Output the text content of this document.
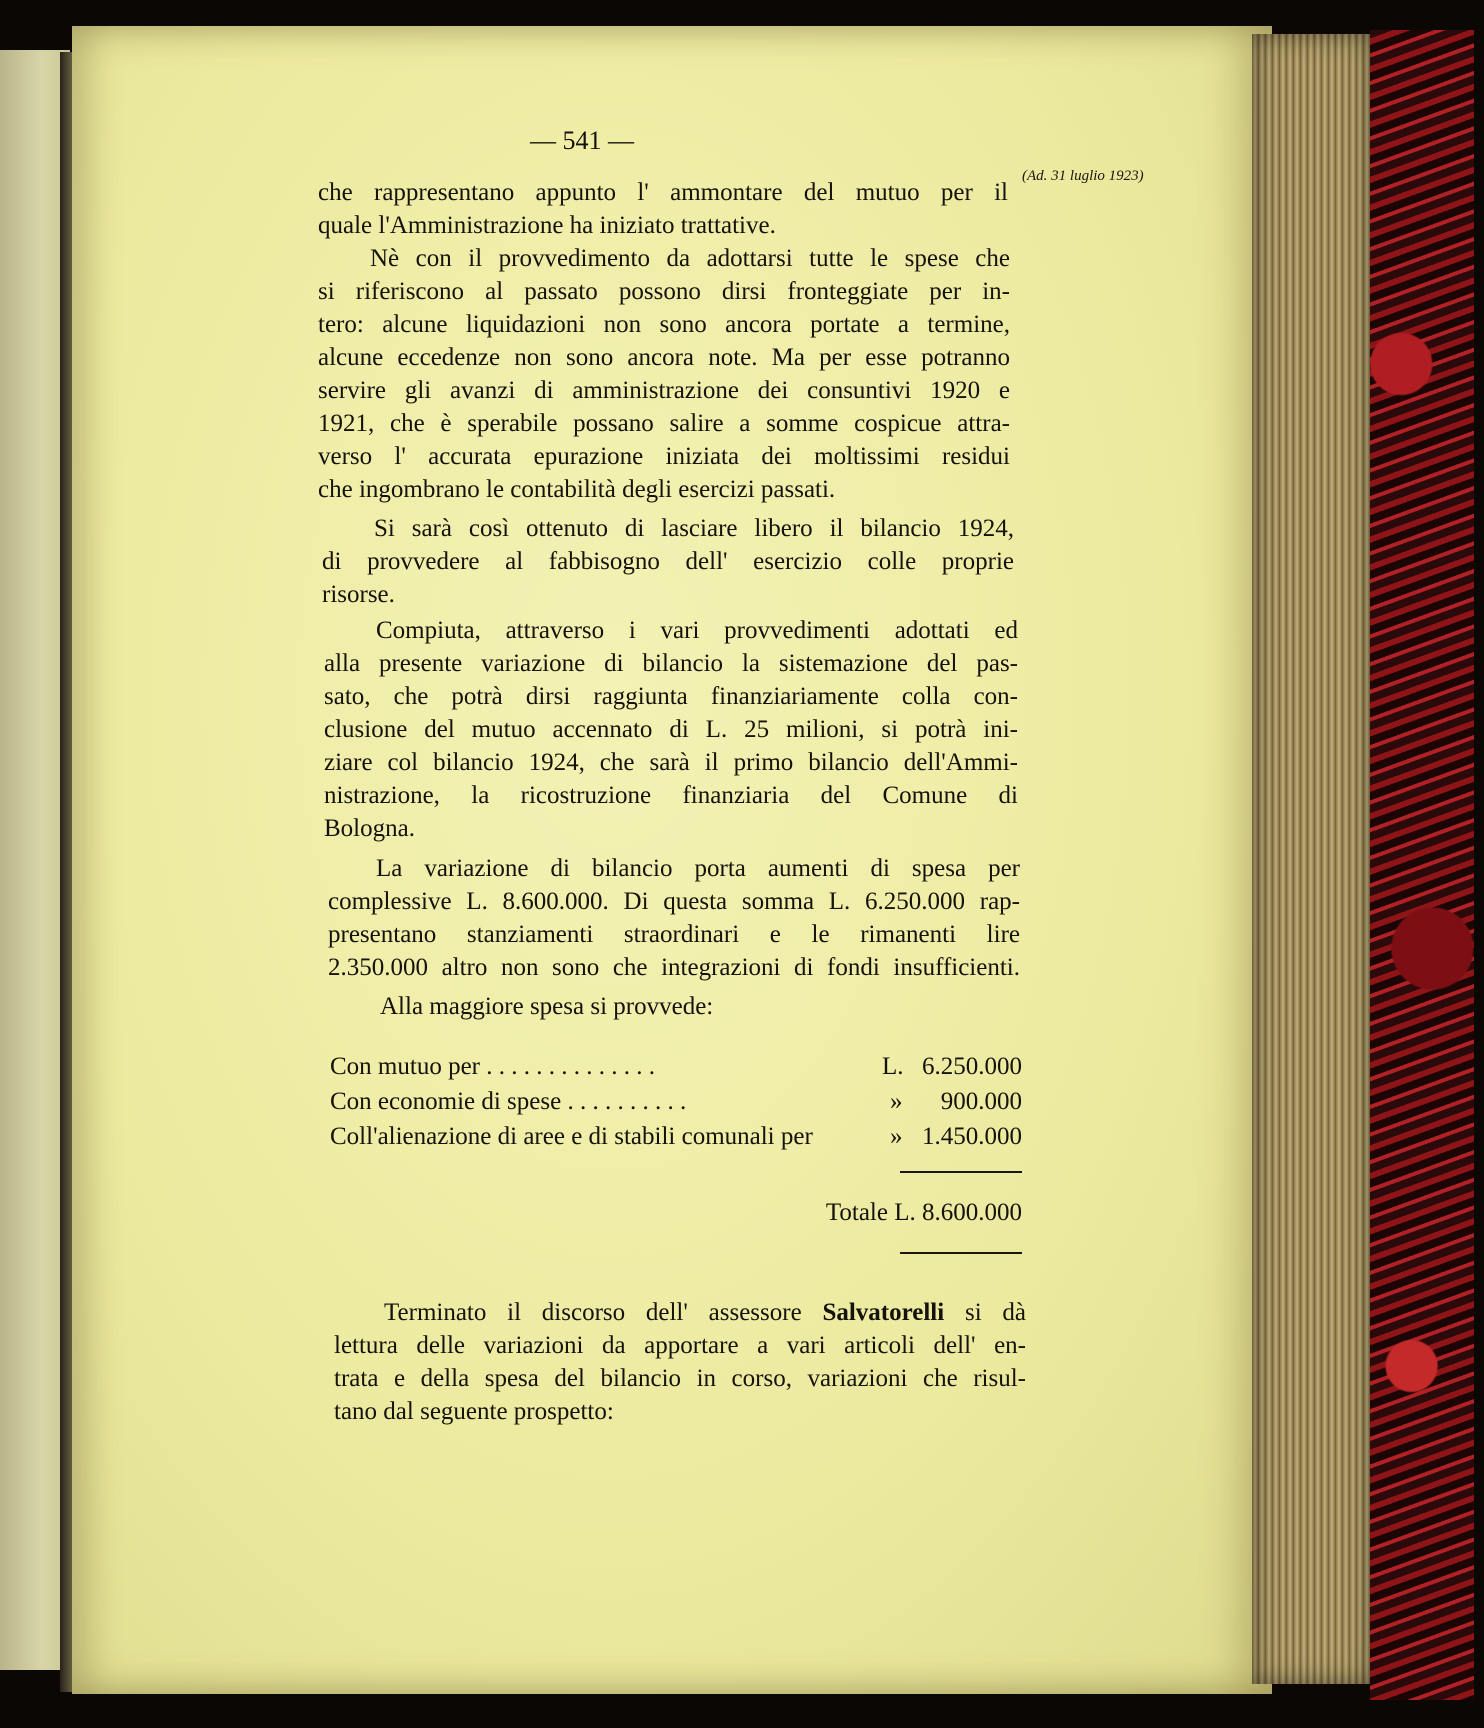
— 541 —
(Ad. 31 luglio 1923)
che rappresentano appunto l' ammontare del mutuo per il
quale l'Amministrazione ha iniziato trattative.
Nè con il provvedimento da adottarsi tutte le spese che
si riferiscono al passato possono dirsi fronteggiate per in-
tero: alcune liquidazioni non sono ancora portate a termine,
alcune eccedenze non sono ancora note. Ma per esse potranno
servire gli avanzi di amministrazione dei consuntivi 1920 e
1921, che è sperabile possano salire a somme cospicue attra-
verso l' accurata epurazione iniziata dei moltissimi residui
che ingombrano le contabilità degli esercizi passati.
Si sarà così ottenuto di lasciare libero il bilancio 1924,
di provvedere al fabbisogno dell' esercizio colle proprie
risorse.
Compiuta, attraverso i vari provvedimenti adottati ed
alla presente variazione di bilancio la sistemazione del pas-
sato, che potrà dirsi raggiunta finanziariamente colla con-
clusione del mutuo accennato di L. 25 milioni, si potrà ini-
ziare col bilancio 1924, che sarà il primo bilancio dell'Ammi-
nistrazione, la ricostruzione finanziaria del Comune di
Bologna.
La variazione di bilancio porta aumenti di spesa per
complessive L. 8.600.000. Di questa somma L. 6.250.000 rap-
presentano stanziamenti straordinari e le rimanenti lire
2.350.000 altro non sono che integrazioni di fondi insufficienti.
Alla maggiore spesa si provvede:
Con mutuo per . . . . . . . . . . . . . .	L. 6.250.000
Con economie di spese . . . . . . . . . .	» 900.000
Coll'alienazione di aree e di stabili comunali per	» 1.450.000
Totale L. 8.600.000
Terminato il discorso dell' assessore Salvatorelli si dà
lettura delle variazioni da apportare a vari articoli dell' en-
trata e della spesa del bilancio in corso, variazioni che risul-
tano dal seguente prospetto:
